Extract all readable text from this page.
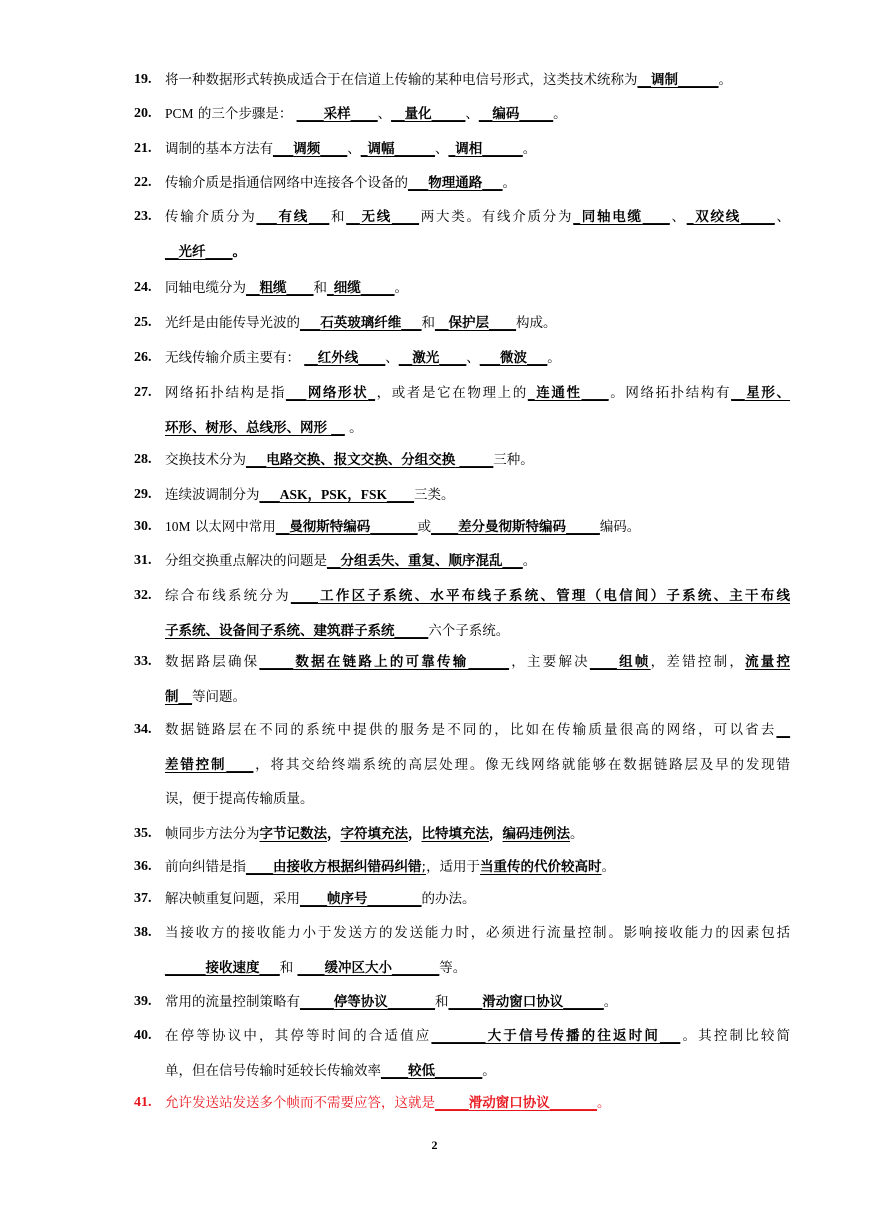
19. 将一种数据形式转换成适合于在信道上传输的某种电信号形式，这类技术统称为__调制______。
20. PCM 的三个步骤是： ____采样____、__量化_____、__编码_____。
21. 调制的基本方法有___调频____、_调幅______、_调相______。
22. 传输介质是指通信网络中连接各个设备的___物理通路___。
23. 传输介质分为___有线___和__无线____两大类。有线介质分为_同轴电缆____、_双绞线_____、
__光纤____。
24. 同轴电缆分为__粗缆____和_细缆_____。
25. 光纤是由能传导光波的___石英玻璃纤维___和__保护层____构成。
26. 无线传输介质主要有： __红外线____、__激光____、___微波___。
27. 网络拓扑结构是指___网络形状_，或者是它在物理上的_连通性____。网络拓扑结构有__星形、
环形、树形、总线形、网形 __ 。
28. 交换技术分为___电路交换、报文交换、分组交换 _____三种。
29. 连续波调制分为___ASK，PSK，FSK____三类。
30. 10M 以太网中常用__曼彻斯特编码_______或____差分曼彻斯特编码_____编码。
31. 分组交换重点解决的问题是__分组丢失、重复、顺序混乱___。
32. 综合布线系统分为____工作区子系统、水平布线子系统、管理（电信间）子系统、主干布线
子系统、设备间子系统、建筑群子系统_____六个子系统。
33. 数据路层确保_____数据在链路上的可靠传输______，主要解决____组帧，差错控制，流量控
制__等问题。
34. 数据链路层在不同的系统中提供的服务是不同的，比如在传输质量很高的网络，可以省去__
差错控制____，将其交给终端系统的高层处理。像无线网络就能够在数据链路层及早的发现错
误，便于提高传输质量。
35. 帧同步方法分为字节记数法，字符填充法，比特填充法，编码违例法。
36. 前向纠错是指____由接收方根据纠错码纠错;，适用于当重传的代价较高时。
37. 解决帧重复问题，采用____帧序号________的办法。
38. 当接收方的接收能力小于发送方的发送能力时，必须进行流量控制。影响接收能力的因素包括
______接收速度___和 ____缓冲区大小_______等。
39. 常用的流量控制策略有_____停等协议_______和_____滑动窗口协议______。
40. 在停等协议中，其停等时间的合适值应________大于信号传播的往返时间___。其控制比较简
单，但在信号传输时延较长传输效率____较低_______。
41. 允许发送站发送多个帧而不需要应答，这就是_____滑动窗口协议_______。
2
